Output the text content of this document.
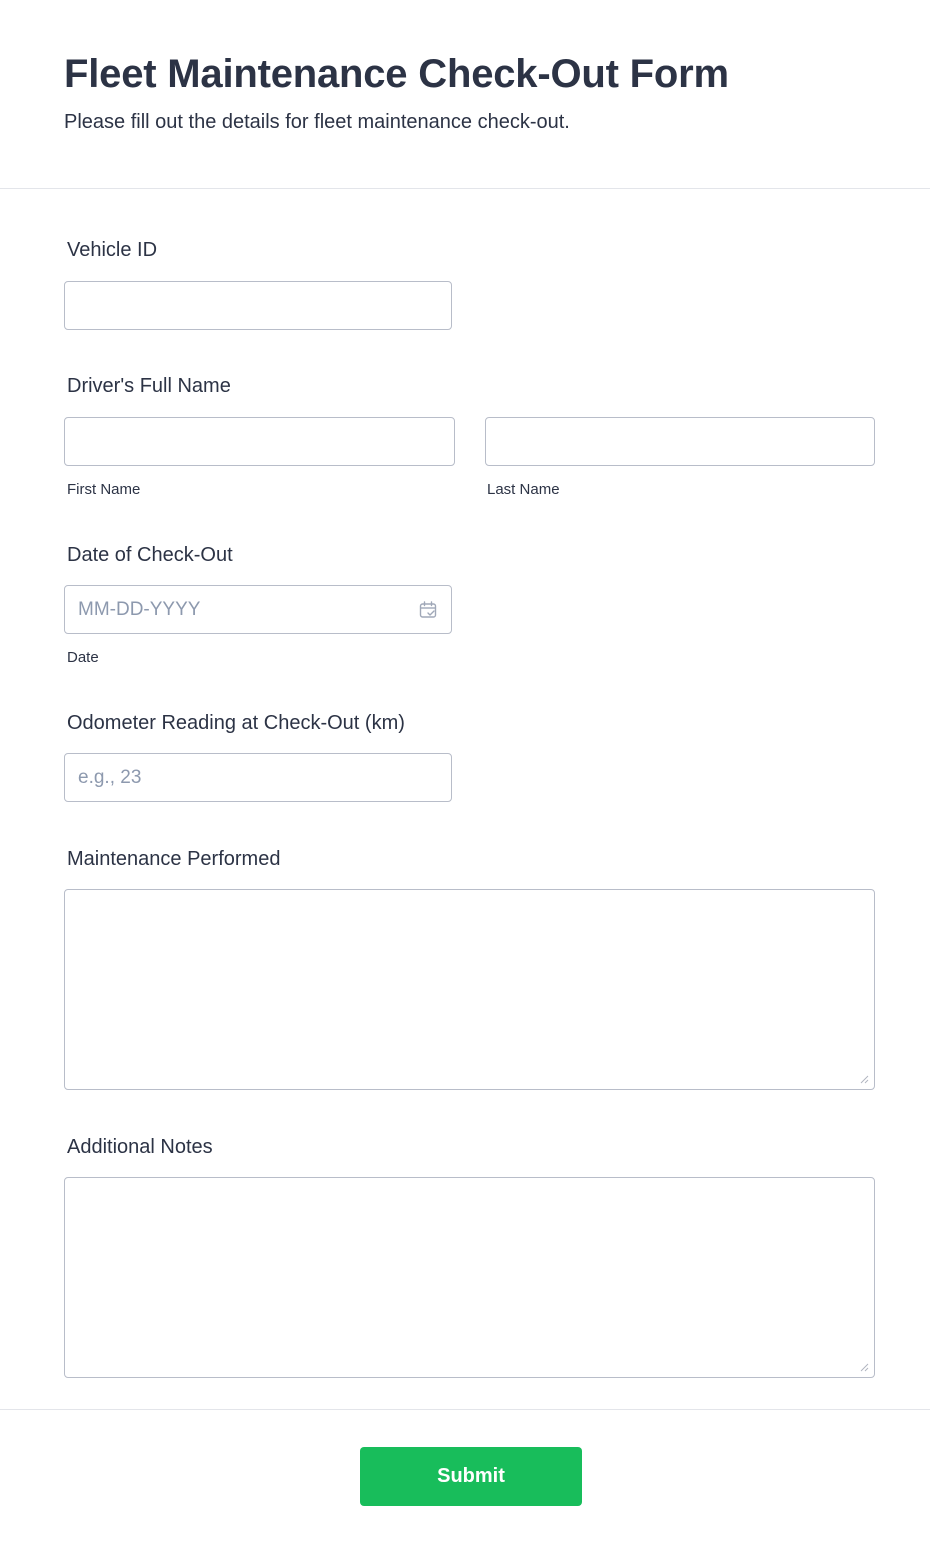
Fleet Maintenance Check-Out Form

Please fill out the details for fleet maintenance check-out.

Vehicle ID
Driver's Full Name
First Name	Last Name
Date of Check-Out
MM-DD-YYYY
Date
Odometer Reading at Check-Out (km)
e.g., 23
Maintenance Performed
Additional Notes
Submit
